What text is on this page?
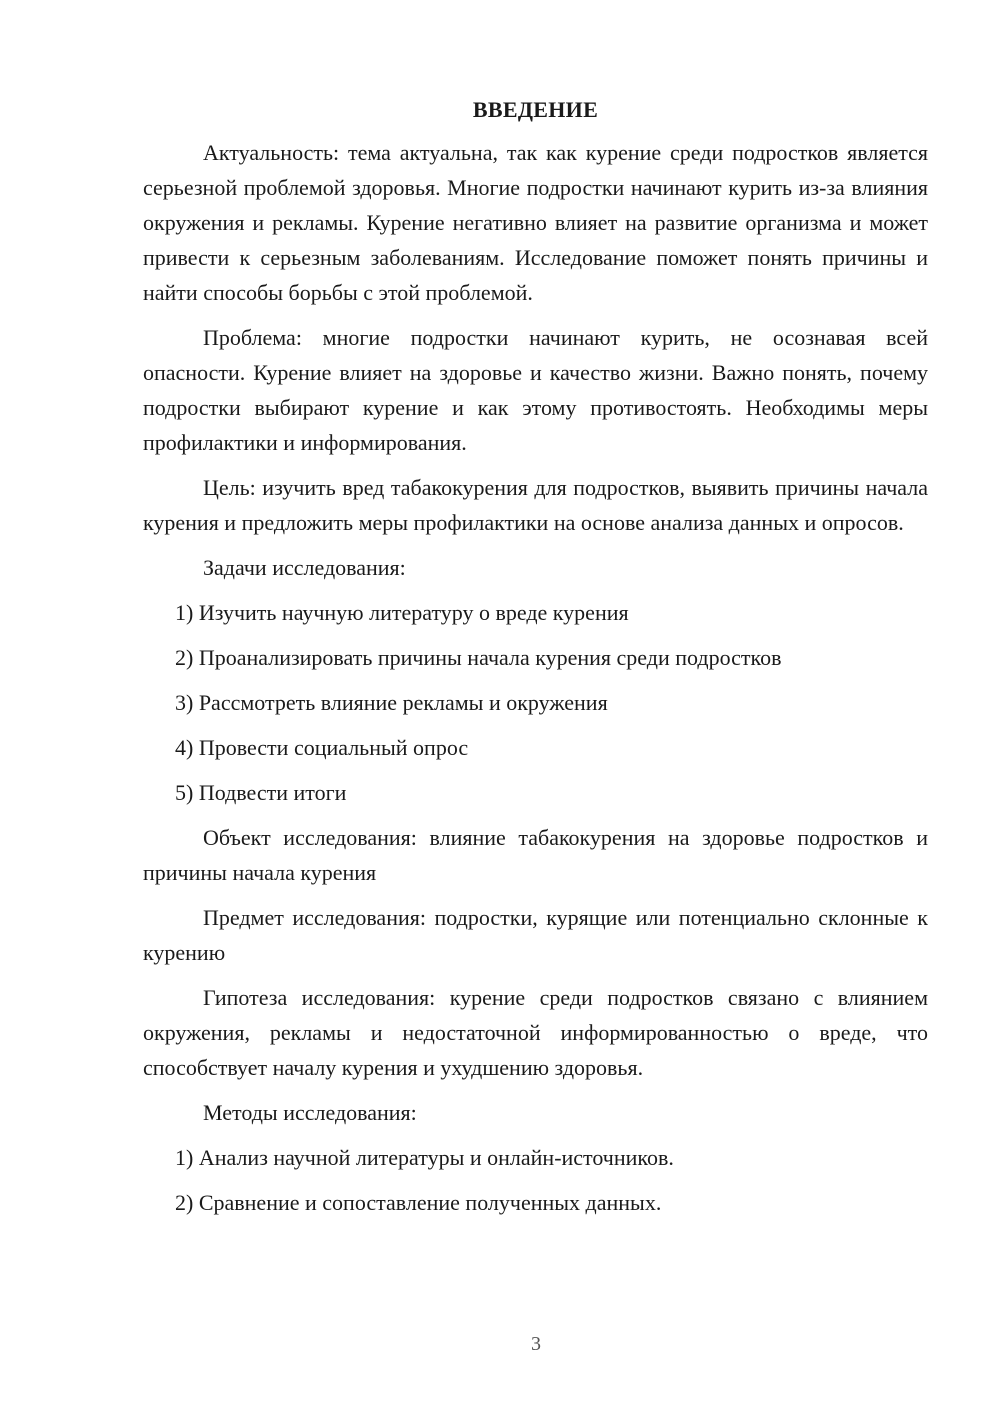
ВВЕДЕНИЕ

Актуальность: тема актуальна, так как курение среди подростков является серьезной проблемой здоровья. Многие подростки начинают курить из-за влияния окружения и рекламы. Курение негативно влияет на развитие организма и может привести к серьезным заболеваниям. Исследование поможет понять причины и найти способы борьбы с этой проблемой.

Проблема: многие подростки начинают курить, не осознавая всей опасности. Курение влияет на здоровье и качество жизни. Важно понять, почему подростки выбирают курение и как этому противостоять. Необходимы меры профилактики и информирования.

Цель: изучить вред табакокурения для подростков, выявить причины начала курения и предложить меры профилактики на основе анализа данных и опросов.

Задачи исследования:

1) Изучить научную литературу о вреде курения
2) Проанализировать причины начала курения среди подростков
3) Рассмотреть влияние рекламы и окружения
4) Провести социальный опрос
5) Подвести итоги

Объект исследования: влияние табакокурения на здоровье подростков и причины начала курения

Предмет исследования: подростки, курящие или потенциально склонные к курению

Гипотеза исследования: курение среди подростков связано с влиянием окружения, рекламы и недостаточной информированностью о вреде, что способствует началу курения и ухудшению здоровья.

Методы исследования:

1) Анализ научной литературы и онлайн-источников.
2) Сравнение и сопоставление полученных данных.
3
